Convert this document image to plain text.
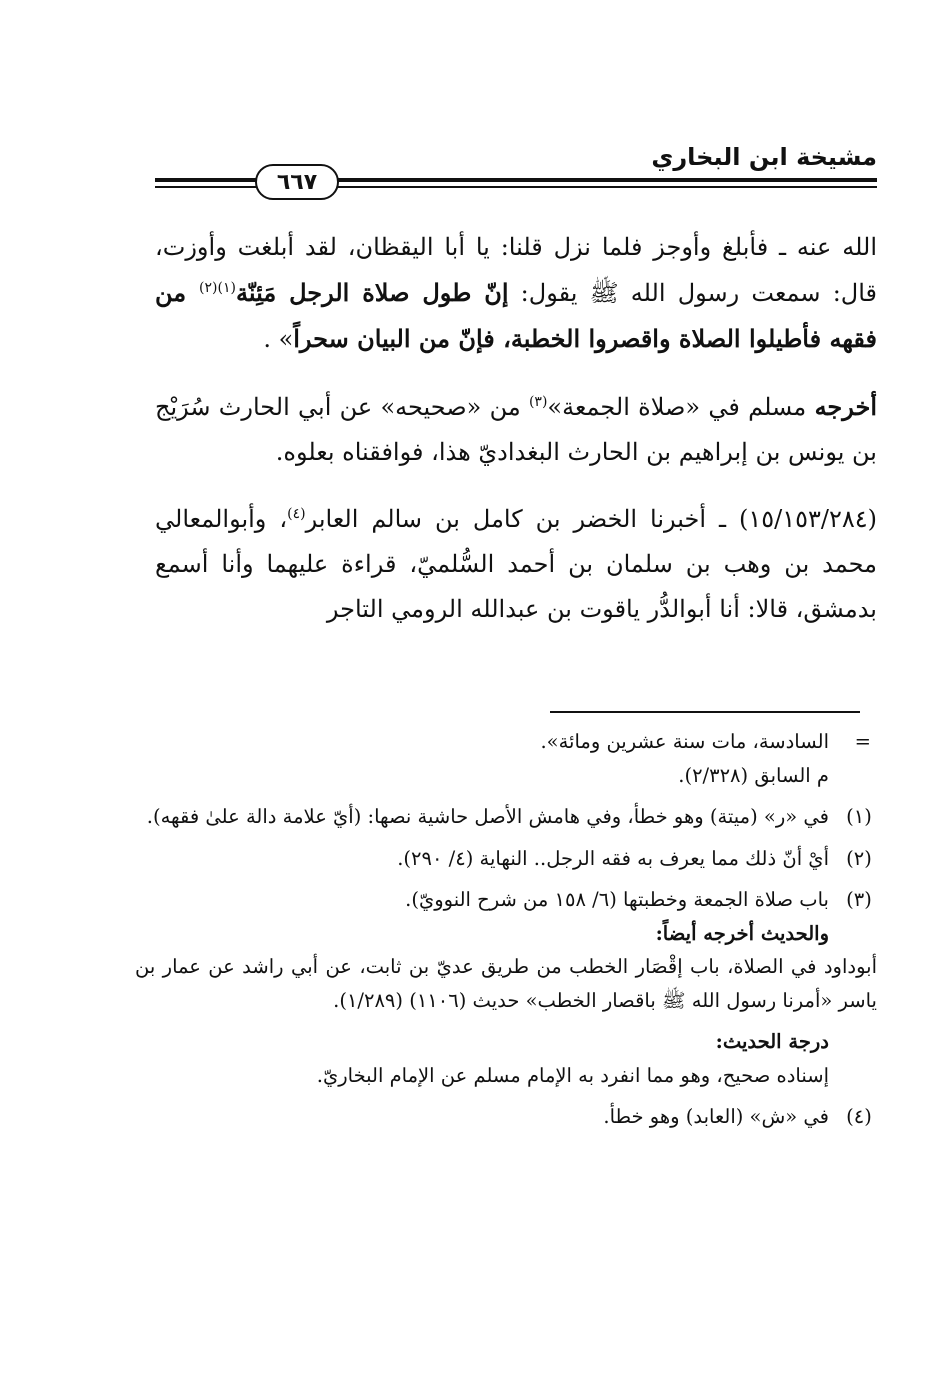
مشيخة ابن البخاري
٦٦٧

الله عنه ـ فأبلغ وأوجز فلما نزل قلنا: يا أبا اليقظان، لقد أبلغت وأوزت، قال: سمعت رسول الله ﷺ يقول: إنّ طول صلاة الرجل مَئِنّة$^{(١)(٢)}$ من فقهه فأطيلوا الصلاة واقصروا الخطبة، فإنّ من البيان سحراً» .

أخرجه مسلم في «صلاة الجمعة»$^{(٣)}$ من «صحيحه» عن أبي الحارث سُرَيْج بن يونس بن إبراهيم بن الحارث البغداديّ هذا، فوافقناه بعلوه.

(١٥/١٥٣/٢٨٤) ـ أخبرنا الخضر بن كامل بن سالم العابر$^{(٤)}$، وأبوالمعالي محمد بن وهب بن سلمان بن أحمد السُّلميّ، قراءة عليهما وأنا أسمع بدمشق، قالا: أنا أبوالدُّر ياقوت بن عبدالله الرومي التاجر

=
السادسة، مات سنة عشرين ومائة».
م السابق (٢/٣٢٨).
(١)
في «ر» (ميتة) وهو خطأ، وفي هامش الأصل حاشية نصها: (أيّ علامة دالة علىٰ فقهه).
(٢)
أيْ أنّ ذلك مما يعرف به فقه الرجل.. النهاية (٤/ ٢٩٠).
(٣)
باب صلاة الجمعة وخطبتها (٦/ ١٥٨ من شرح النوويّ).
والحديث أخرجه أيضاً:
أبوداود في الصلاة، باب إقْصَار الخطب من طريق عديّ بن ثابت، عن أبي راشد عن عمار بن ياسر «أمرنا رسول الله ﷺ باقصار الخطب» حديث (١١٠٦) (١/٢٨٩).
درجة الحديث:
إسناده صحيح، وهو مما انفرد به الإمام مسلم عن الإمام البخاريّ.
(٤)
في «ش» (العابد) وهو خطأ.
